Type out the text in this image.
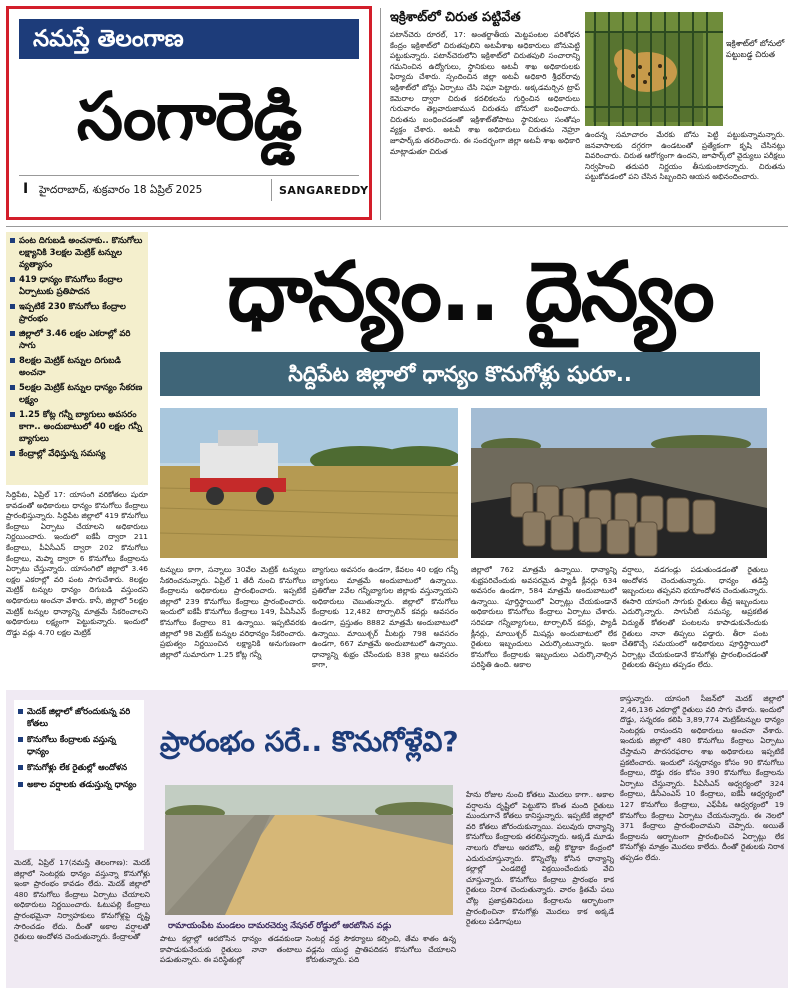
నమస్తే తెలంగాణ
సంగారెడ్డి
I హైదరాబాద్, శుక్రవారం 18 ఏప్రిల్ 2025	SANGAREDDY
ఇక్రిశాట్‌లో చిరుత పట్టివేత
పటాన్‌చెరు రూరల్, 17: అంతర్జాతీయ మెట్టపంటల పరిశోధన కేంద్రం ఇక్రిశాట్‌లో చిరుతపులిని అటవీశాఖ అధికారులు బోనుపెట్టి పట్టుకున్నారు. పటాన్‌చెరులోని ఇక్రిశాట్‌లో చిరుతపులి సంచారాన్ని గమనించిన ఉద్యోగులు, స్థానికులు అటవీ శాఖ అధికారులకు ఫిర్యాదు చేశారు. స్పందించిన జిల్లా అటవీ అధికారి శ్రీధర్‌రావు ఇక్రిశాట్‌లో బోన్లు ఏర్పాటు చేసి నిఘా పెట్టారు. అక్కడమర్చిన ట్రాప్ కెమెరాల ద్వారా చిరుత కదలికలను గుర్తించిన అధికారులు గురువారం తెల్లవారుజామున చిరుతను బోనులో బంధించారు. చిరుతను బంధించడంతో ఇక్రిశాట్‌తోపాటు స్థానికులు సంతోషం వ్యక్తం చేశారు. అటవీ శాఖ అధికారులు చిరుతను నెహ్రూ జూపార్క్‌కు తరలించారు. ఈ సందర్భంగా జిల్లా అటవీ శాఖ అధికారి మాట్లాడుతూ చిరుత
ఇక్రిశాట్‌లో బోనులో పట్టుబడ్డ చిరుత
ఉందన్న సమాచారం మేరకు బోను పెట్టి పట్టుకున్నామన్నారు. జనవాసాలకు దగ్గరగా ఉండటంతో ప్రత్యేకంగా కృషి చేసినట్లు వివరించారు. చిరుత ఆరోగ్యంగా ఉందని, జూపార్క్‌లో వైద్యులు పరీక్షలు నిర్వహించి తదుపరి నిర్ణయం తీసుకుంటారన్నారు. చిరుతను పట్టుకోవడంలో పని చేసిన సిబ్బందిని ఆయన అభినందించారు.
పంట దిగుబడి అంచనాకు.. కొనుగోలు లక్ష్యానికి 3లక్షల మెట్రిక్ టన్నుల వ్యత్యాసం
419 ధాన్యం కొనుగోలు కేంద్రాల ఏర్పాటుకు ప్రతిపాదన
ఇప్పటికే 230 కొనుగోలు కేంద్రాల ప్రారంభం
జిల్లాలో 3.46 లక్షల ఎకరాల్లో వరి సాగు
8లక్షల మెట్రిక్ టన్నుల దిగుబడి అంచనా
5లక్షల మెట్రిక్ టన్నుల ధాన్యం సేకరణ లక్ష్యం
1.25 కోట్ల గన్నీ బ్యాగులు అవసరం కాగా.. అందుబాటులో 40 లక్షల గన్నీ బ్యాగులు
కేంద్రాల్లో వేధిస్తున్న సమస్య
ధాన్యం.. దైన్యం
సిద్దిపేట జిల్లాలో ధాన్యం కొనుగోళ్లు షురూ..
సిద్దిపేట, ఏప్రిల్ 17: యాసంగి వరికోతలు షురూ కావడంతో అధికారులు ధాన్యం కొనుగోలు కేంద్రాలు ప్రారంభిస్తున్నారు. సిద్దిపేట జిల్లాలో 419 కొనుగోలు కేంద్రాలు ఏర్పాటు చేయాలని అధికారులు నిర్ణయించారు. ఇందులో ఐకేపీ ద్వారా 211 కేంద్రాలు, పీఏసీఎస్ ద్వారా 202 కొనుగోలు కేంద్రాలు, మెప్మా ద్వారా 6 కొనుగోలు కేంద్రాలను ఏర్పాటు చేస్తున్నారు. యాసంగిలో జిల్లాలో 3.46 లక్షల ఎకరాల్లో వరి పంట సాగుచేశారు. 8లక్షల మెట్రిక్ టన్నుల ధాన్యం దిగుబడి వస్తుందని అధికారులు అంచనా వేశారు. కానీ, జిల్లాలో 5లక్షల మెట్రిక్ టన్నుల ధాన్యాన్ని మాత్రమే సేకరించాలని అధికారులు లక్ష్యంగా పెట్టుకున్నారు. ఇందులో దొడ్డు వడ్లు 4.70 లక్షల మెట్రిక్
టన్నులు కాగా, సన్నాలు 30వేల మెట్రిక్ టన్నులు సేకరించనున్నారు. ఏప్రిల్ 1 తేదీ నుంచి కొనుగోలు కేంద్రాలను అధికారులు ప్రారంభించారు. ఇప్పటికే జిల్లాలో 239 కొనుగోలు కేంద్రాలు ప్రారంభించారు. ఇందులో ఐకేపీ కొనుగోలు కేంద్రాలు 149, పీఏసీఎస్ కొనుగోలు కేంద్రాలు 81 ఉన్నాయి. ఇప్పటివరకు జిల్లాలో 98 మెట్రిక్ టన్నుల వరిధాన్యం సేకరించారు. ప్రభుత్వం నిర్ణయించిన లక్ష్యానికి అనుగుణంగా జిల్లాలో సుమారుగా 1.25 కోట్ల గన్నీ
బ్యాగులు అవసరం ఉండగా, కేవలం 40 లక్షల గన్నీ బ్యాగులు మాత్రమే అందుబాటులో ఉన్నాయి. ప్రతిరోజు 2వేల గన్నీబ్యాగుల జిల్లాకు వస్తున్నాయని అధికారులు చెబుతున్నారు. జిల్లాలో కొనుగోలు కేంద్రాలకు 12,482 టార్పాలిన్ కవర్లు అవసరం ఉండగా, ప్రస్తుతం 8882 మాత్రమే అందుబాటులో ఉన్నాయి. మాయిశ్చర్ మీటర్లు 798 అవసరం ఉండగా, 667 మాత్రమే అందుబాటులో ఉన్నాయి. ధాన్యాన్ని శుభ్రం చేసేందుకు 838 క్లాలు అవసరం కాగా,
జిల్లాలో 762 మాత్రమే ఉన్నాయి. ధాన్యాన్ని శుభ్రపరిచేందుకు అవసరమైన ప్యాడీ క్లీనర్లు 634 అవసరం ఉండగా, 584 మాత్రమే అందుబాటులో ఉన్నాయి. పూర్తిస్థాయిలో ఏర్పాట్లు చేయకుండానే అధికారులు కొనుగోలు కేంద్రాలు ఏర్పాటు చేశారు. సరిపడా గన్నీబ్యాగులు, టార్పాలిన్ కవర్లు, ప్యాడీ క్లీనర్లు, మాయిశ్చర్ మిషన్లు అందుబాటులో లేక రైతులు ఇబ్బందులు ఎదుర్కొంటున్నారు. ఇంకా కొనుగోలు కేంద్రాలకు ఇబ్బందులు ఎదుర్కొనాల్సిన పరిస్థితి ఉంది. అకాల
వర్షాలు, వడగండ్లు పడుతుండడంతో రైతులు ఆందోళన చెందుతున్నారు. ధాన్యం తడిస్తే ఇబ్బందులు తప్పవని భయాందోళన చెందుతున్నారు. ఈసారి యాసంగి సాగుకు రైతులు తీవ్ర ఇబ్బందులు ఎదుర్కొన్నారు. సాగునీటి సమస్య, అప్రకటిత విద్యుత్ కోతలతో పంటలను కాపాడుకునేందుకు రైతులు నానా తిప్పలు పడ్డారు. తీరా పంట చేతికొచ్చే సమయంలో అధికారులు పూర్తిస్థాయిలో ఏర్పాట్లు చేయకుండానే కొనుగోళ్లు ప్రారంభించడంతో రైతులకు తిప్పలు తప్పడం లేదు.
మెదక్ జిల్లాలో జోరందుకున్న వరి కోతలు
కొనుగోలు కేంద్రాలకు వస్తున్న ధాన్యం
కొనుగోళ్లు లేక రైతుల్లో ఆందోళన
అకాల వర్షాలకు తడుస్తున్న ధాన్యం
ప్రారంభం సరే.. కొనుగోళ్లేవి?
రామాయంపేట మండలం దామరచెర్వు నేషనల్ రోడ్డులో ఆరబోసిన వడ్లు
మెదక్, ఏప్రిల్ 17(నమస్తే తెలంగాణ): మెదక్ జిల్లాలో సెంటర్లకు ధాన్యం వస్తున్నా కొనుగోళ్లు ఇంకా ప్రారంభం కావడం లేదు. మెదక్ జిల్లాలో 480 కొనుగోలు కేంద్రాలు ఏర్పాటు చేయాలని అధికారులు నిర్ణయించారు. ఓటుపల్లి కేంద్రాలు ప్రారంభమైనా నిర్వాహకులు కొనుగోళ్లపై దృష్టి సారించడం లేదు. దీంతో అకాల వర్షాలతో రైతులు ఆందోళన చెందుతున్నారు. కేంద్రాలతో	పాటు కల్లాల్లో ఆరబోసిన ధాన్యం తడవకుండా కాపాడుకునేందుకు రైతులు నానా తంటాలు పడుతున్నారు. ఈ పరిస్థితుల్లో
సెంటర్ల వద్ద సౌకర్యాలు కల్పించి, తేమ శాతం ఉన్న వడ్లను యుద్ధ ప్రాతిపదికన కొనుగోలు చేయాలని కోరుతున్నారు. పది
హేను రోజుల నుంచి కోతలు మొదలు కాగా.. అకాల వర్షాలను దృష్టిలో పెట్టుకొని కొంత మంది రైతులు ముందుగానే కోతలు కానిస్తున్నారు. ఇప్పటికే జిల్లాలో వరి కోతలు జోరందుకున్నాయి. పలువురు ధాన్యాన్ని కొనుగోలు కేంద్రాలకు తరలిస్తున్నారు. అక్కడే మూడు నాలుగు రోజులు ఆరబోసి, జల్లీ కొట్టాకా కేంద్రంలో ఎదురుచూస్తున్నారు. కొన్నిచోట్ల కోసిన ధాన్యాన్ని కల్లాల్లో ఎండబెట్టి విక్రయించేందుకు వేచి చూస్తున్నారు. కొనుగోలు కేంద్రాలు ప్రారంభం కాక రైతులు నిరాశ చెందుతున్నారు. వారం క్రితమే పలు చోట్ల ప్రజాప్రతినిధులు కేంద్రాలను ఆర్భాటంగా ప్రారంభించినా కొనుగోళ్లు మొదలు కాక అక్కడే రైతులు పడిగాపులు
కాస్తున్నారు. యాసంగి సీజన్‌లో మెదక్ జిల్లాలో 2,46,136 ఎకరాల్లో రైతులు వరి సాగు చేశారు. ఇందులో దొడ్డు, సన్నరకం కలిపి 3,89,774 మెట్రిక్‌టన్నుల ధాన్యం సెంటర్లకు రానుందని అధికారులు అంచనా వేశారు. ఇందుకు జిల్లాలో 480 కొనుగోలు కేంద్రాలు ఏర్పాటు చేస్తామని పౌరసరఫరాల శాఖ అధికారులు ఇప్పటికే ప్రకటించారు. ఇందులో సన్నధాన్యం కోసం 90 కొనుగోలు కేంద్రాలు, దొడ్డు రకం కోసం 390 కొనుగోలు కేంద్రాలను ఏర్పాటు చేస్తున్నారు. పీఏసీఎస్ ఆధ్వర్యంలో 324 కేంద్రాలు, డీసీఎంఎస్ 10 కేంద్రాలు, ఐకేపీ ఆధ్వర్యంలో 127 కొనుగోలు కేంద్రాలు, ఎఫ్‌పీఓ ఆధ్వర్యంలో 19 కొనుగోలు కేంద్రాలు ఏర్పాటు చేయనున్నారు. ఈ నెలలో 371 కేంద్రాలు ప్రారంభించామని చెప్పారు. అయితే కేంద్రాలను ఆర్భాటంగా ప్రారంభించిన ఏర్పాట్లు లేక కొనుగోళ్లు మాత్రం మొదలు కాలేదు. దీంతో రైతులకు నిరాశ తప్పడం లేదు.
